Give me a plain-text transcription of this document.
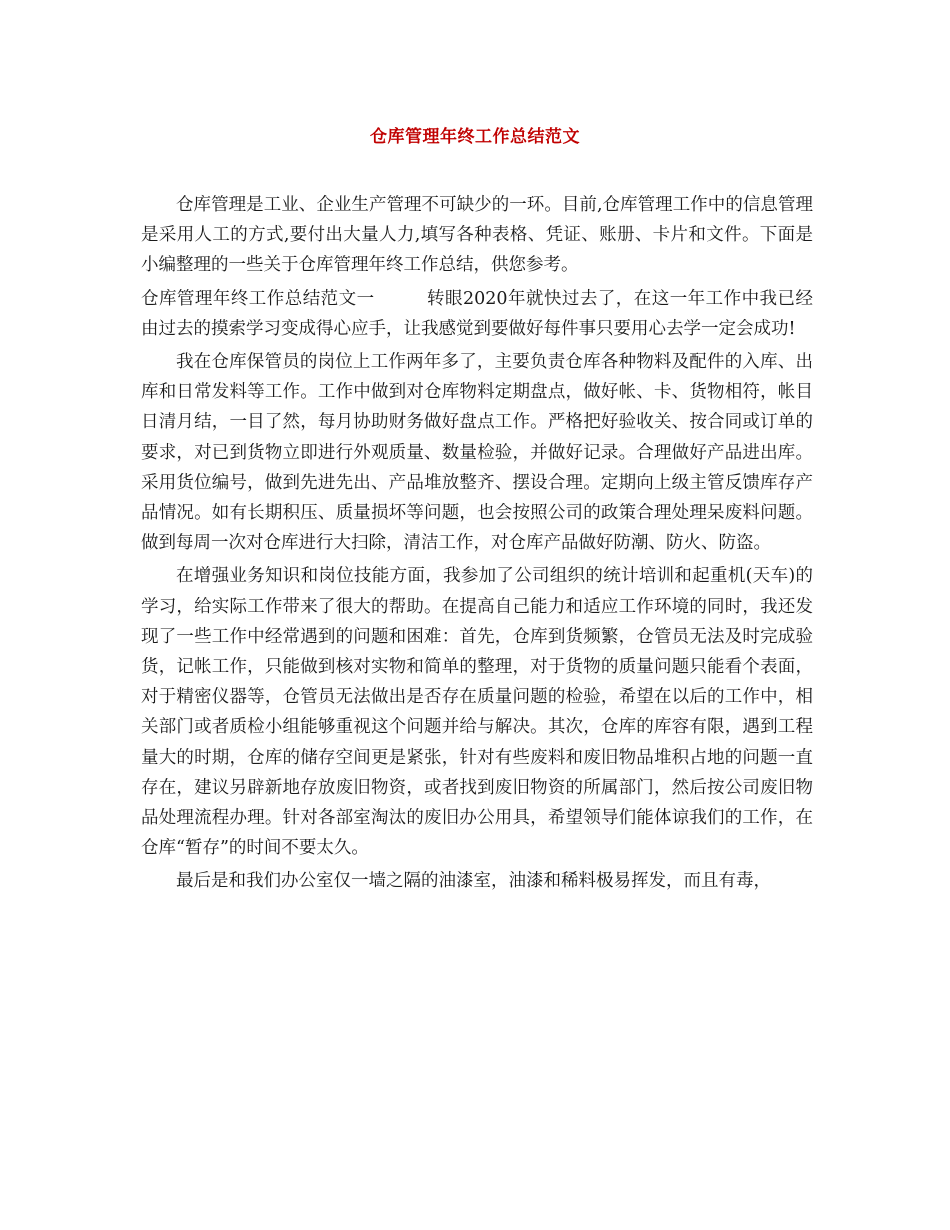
仓库管理年终工作总结范文

仓库管理是工业、企业生产管理不可缺少的一环。目前,仓库管理工作中的信息管理是采用人工的方式,要付出大量人力,填写各种表格、凭证、账册、卡片和文件。下面是小编整理的一些关于仓库管理年终工作总结，供您参考。

仓库管理年终工作总结范文一	转眼2020年就快过去了，在这一年工作中我已经由过去的摸索学习变成得心应手，让我感觉到要做好每件事只要用心去学一定会成功!

我在仓库保管员的岗位上工作两年多了，主要负责仓库各种物料及配件的入库、出库和日常发料等工作。工作中做到对仓库物料定期盘点，做好帐、卡、货物相符，帐目日清月结，一目了然，每月协助财务做好盘点工作。严格把好验收关、按合同或订单的要求，对已到货物立即进行外观质量、数量检验，并做好记录。合理做好产品进出库。采用货位编号，做到先进先出、产品堆放整齐、摆设合理。定期向上级主管反馈库存产品情况。如有长期积压、质量损坏等问题，也会按照公司的政策合理处理呆废料问题。做到每周一次对仓库进行大扫除，清洁工作，对仓库产品做好防潮、防火、防盗。

在增强业务知识和岗位技能方面，我参加了公司组织的统计培训和起重机(天车)的学习，给实际工作带来了很大的帮助。在提高自己能力和适应工作环境的同时，我还发现了一些工作中经常遇到的问题和困难：首先，仓库到货频繁，仓管员无法及时完成验货，记帐工作，只能做到核对实物和简单的整理，对于货物的质量问题只能看个表面，对于精密仪器等，仓管员无法做出是否存在质量问题的检验，希望在以后的工作中，相关部门或者质检小组能够重视这个问题并给与解决。其次，仓库的库容有限，遇到工程量大的时期，仓库的储存空间更是紧张，针对有些废料和废旧物品堆积占地的问题一直存在，建议另辟新地存放废旧物资，或者找到废旧物资的所属部门，然后按公司废旧物品处理流程办理。针对各部室淘汰的废旧办公用具，希望领导们能体谅我们的工作，在仓库“暂存”的时间不要太久。

最后是和我们办公室仅一墙之隔的油漆室，油漆和稀料极易挥发，而且有毒，
